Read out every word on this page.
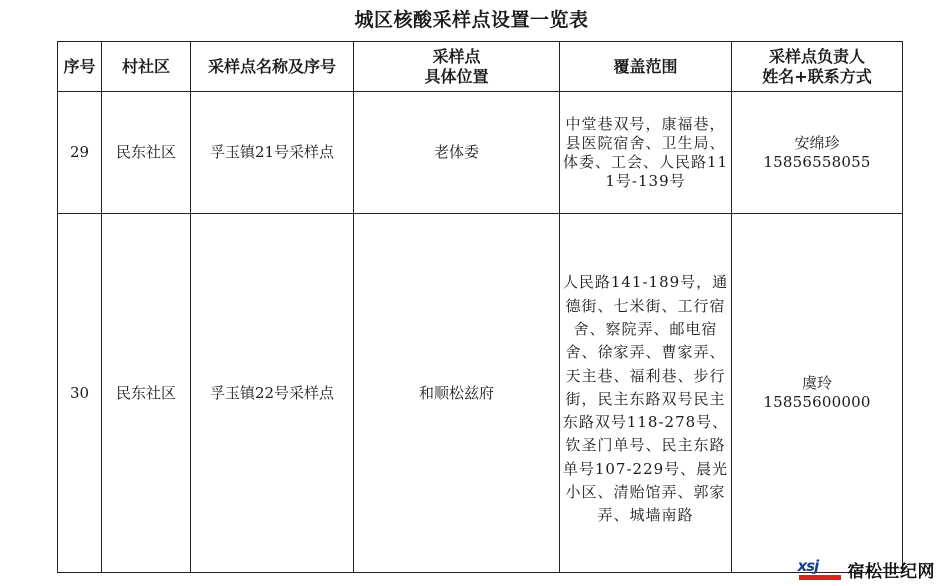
城区核酸采样点设置一览表
序号	村社区	采样点名称及序号	采样点
具体位置	覆盖范围	采样点负责人
姓名+联系方式
29	民东社区	孚玉镇21号采样点	老体委	中堂巷双号，康福巷，县医院宿舍、卫生局、体委、工会、人民路111号-139号	安绵珍
15856558055

30	民东社区	孚玉镇22号采样点	和顺松兹府	人民路141-189号，通德街、七米街、工行宿舍、察院弄、邮电宿舍、徐家弄、曹家弄、天主巷、福利巷、步行街，民主东路双号民主东路双号118-278号、钦圣门单号、民主东路单号107-229号、晨光小区、清贻馆弄、郭家弄、城墙南路	虞玲
15855600000
xsj 宿松世纪网
